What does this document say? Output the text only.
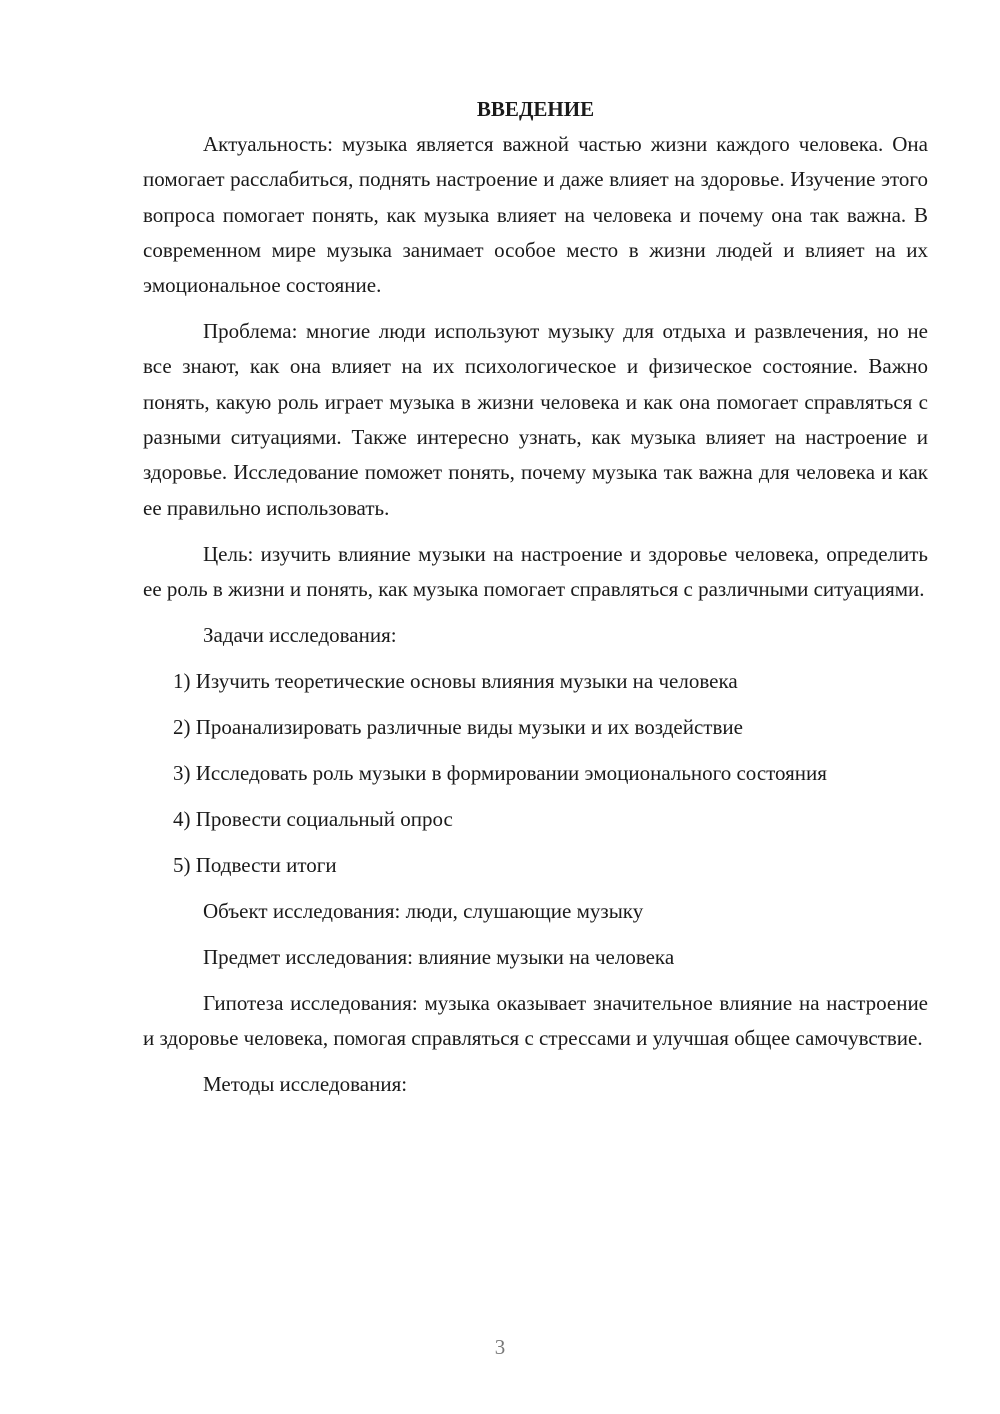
ВВЕДЕНИЕ

Актуальность: музыка является важной частью жизни каждого человека. Она помогает расслабиться, поднять настроение и даже влияет на здоровье. Изучение этого вопроса помогает понять, как музыка влияет на человека и почему она так важна. В современном мире музыка занимает особое место в жизни людей и влияет на их эмоциональное состояние.

Проблема: многие люди используют музыку для отдыха и развлечения, но не все знают, как она влияет на их психологическое и физическое состояние. Важно понять, какую роль играет музыка в жизни человека и как она помогает справляться с разными ситуациями. Также интересно узнать, как музыка влияет на настроение и здоровье. Исследование поможет понять, почему музыка так важна для человека и как ее правильно использовать.

Цель: изучить влияние музыки на настроение и здоровье человека, определить ее роль в жизни и понять, как музыка помогает справляться с различными ситуациями.

Задачи исследования:

1) Изучить теоретические основы влияния музыки на человека

2) Проанализировать различные виды музыки и их воздействие

3) Исследовать роль музыки в формировании эмоционального состояния

4) Провести социальный опрос

5) Подвести итоги

Объект исследования: люди, слушающие музыку

Предмет исследования: влияние музыки на человека

Гипотеза исследования: музыка оказывает значительное влияние на настроение и здоровье человека, помогая справляться с стрессами и улучшая общее самочувствие.

Методы исследования:

3
